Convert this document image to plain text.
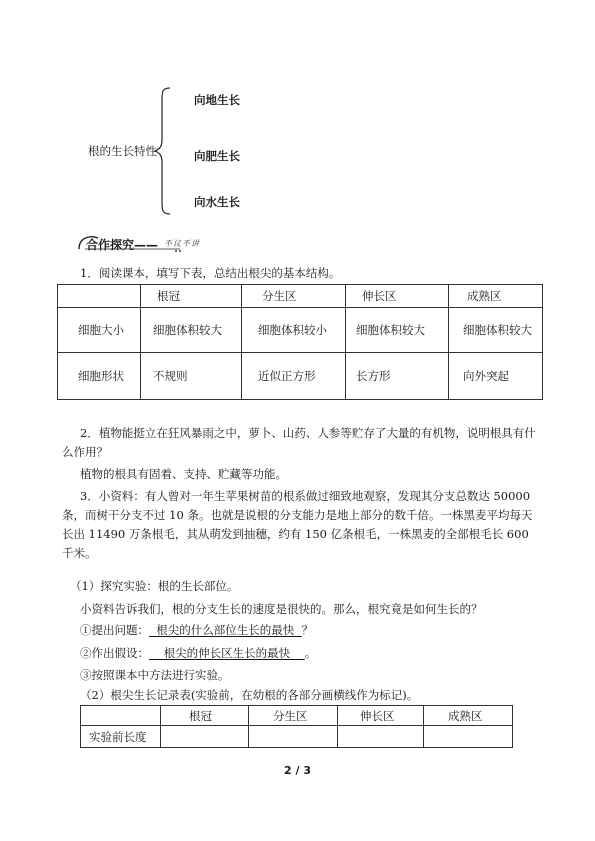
根的生长特性
向地生长
向肥生长
向水生长
合作探究—— 不议不讲
1．阅读课本，填写下表，总结出根尖的基本结构。
	根冠	分生区	伸长区	成熟区
细胞大小	细胞体积较大	细胞体积较小	细胞体积较大	细胞体积较大
细胞形状	不规则	近似正方形	长方形	向外突起
2．植物能挺立在狂风暴雨之中，萝卜、山药、人参等贮存了大量的有机物，说明根具有什么作用？
植物的根具有固着、支持、贮藏等功能。
3．小资料：有人曾对一年生苹果树苗的根系做过细致地观察，发现其分支总数达 50000 条，而树干分支不过 10 条。也就是说根的分支能力是地上部分的数千倍。一株黑麦平均每天长出 11490 万条根毛，其从萌发到抽穗，约有 150 亿条根毛，一株黑麦的全部根毛长 600 千米。
（1）探究实验：根的生长部位。
小资料告诉我们，根的分支生长的速度是很快的。那么，根究竟是如何生长的？
①提出问题：  根尖的什么部位生长的最快  ？
②作出假设：    根尖的伸长区生长的最快    。
③按照课本中方法进行实验。
（2）根尖生长记录表(实验前，在幼根的各部分画横线作为标记)。
	根冠	分生区	伸长区	成熟区
实验前长度				
2 / 3
